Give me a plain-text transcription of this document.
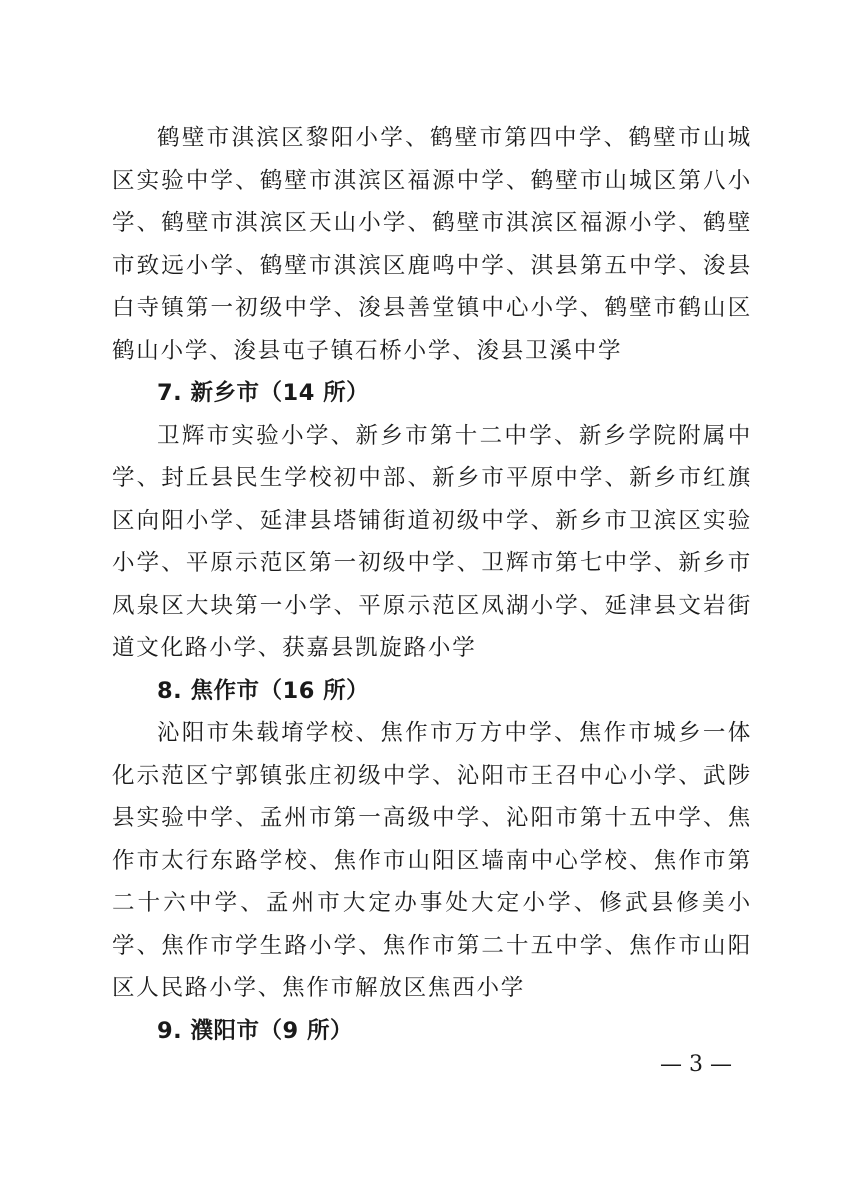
鹤壁市淇滨区黎阳小学、鹤壁市第四中学、鹤壁市山城区实验中学、鹤壁市淇滨区福源中学、鹤壁市山城区第八小学、鹤壁市淇滨区天山小学、鹤壁市淇滨区福源小学、鹤壁市致远小学、鹤壁市淇滨区鹿鸣中学、淇县第五中学、浚县白寺镇第一初级中学、浚县善堂镇中心小学、鹤壁市鹤山区鹤山小学、浚县屯子镇石桥小学、浚县卫溪中学

7. 新乡市（14 所）

卫辉市实验小学、新乡市第十二中学、新乡学院附属中学、封丘县民生学校初中部、新乡市平原中学、新乡市红旗区向阳小学、延津县塔铺街道初级中学、新乡市卫滨区实验小学、平原示范区第一初级中学、卫辉市第七中学、新乡市凤泉区大块第一小学、平原示范区凤湖小学、延津县文岩街道文化路小学、获嘉县凯旋路小学

8. 焦作市（16 所）

沁阳市朱载堉学校、焦作市万方中学、焦作市城乡一体化示范区宁郭镇张庄初级中学、沁阳市王召中心小学、武陟县实验中学、孟州市第一高级中学、沁阳市第十五中学、焦作市太行东路学校、焦作市山阳区墙南中心学校、焦作市第二十六中学、孟州市大定办事处大定小学、修武县修美小学、焦作市学生路小学、焦作市第二十五中学、焦作市山阳区人民路小学、焦作市解放区焦西小学

9. 濮阳市（9 所）

— 3 —
